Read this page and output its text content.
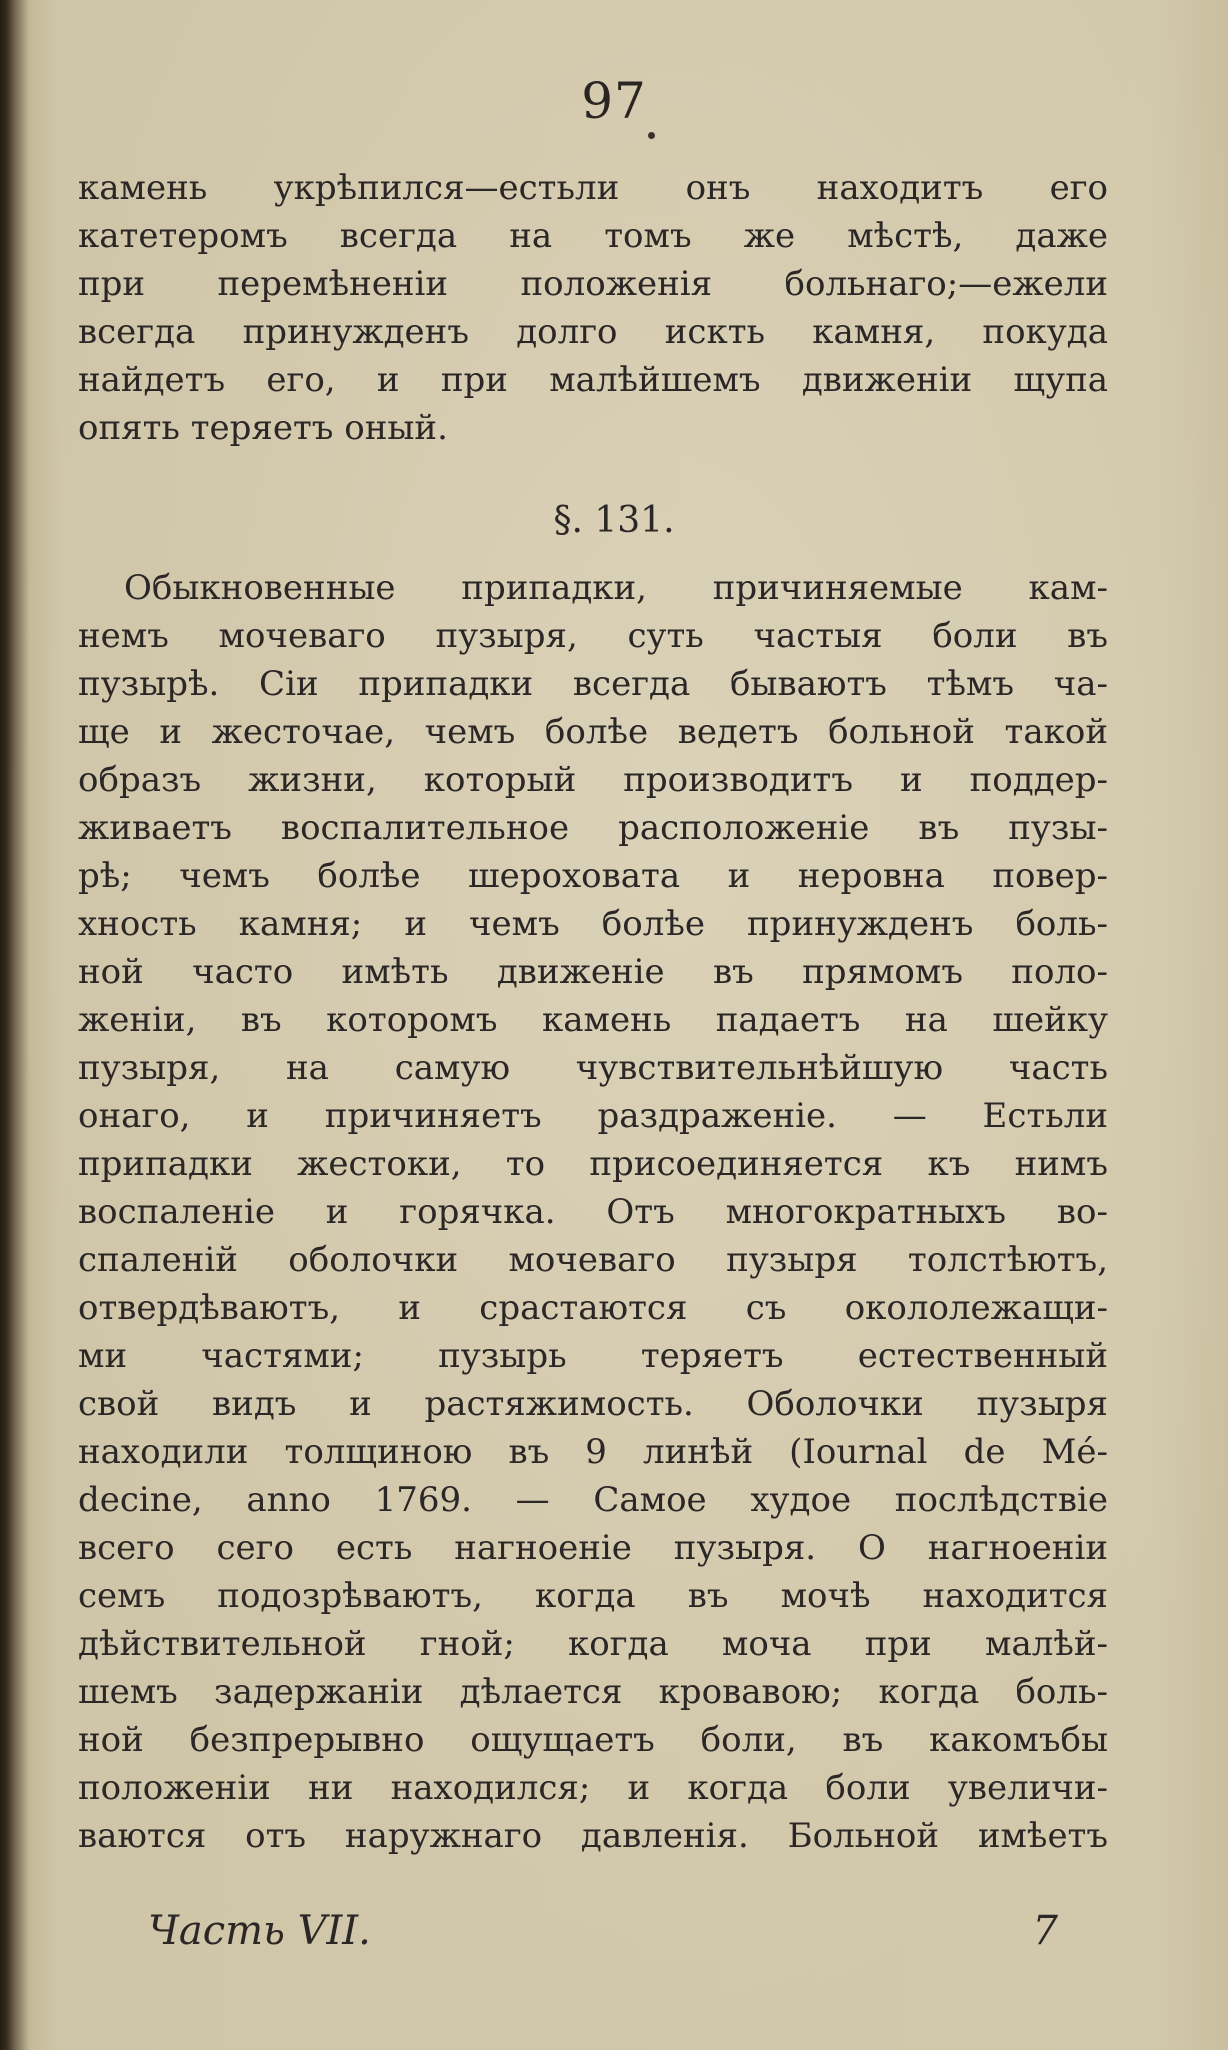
97
камень укрѣпился—естьли онъ находитъ его
катетеромъ всегда на томъ же мѣстѣ, даже
при перемѣненіи положенія больнаго;—ежели
всегда принужденъ долго искть камня, покуда
найдетъ его, и при малѣйшемъ движеніи щупа
опять теряетъ оный.
§. 131.
Обыкновенные припадки, причиняемые кам-
немъ мочеваго пузыря, суть частыя боли въ
пузырѣ. Сіи припадки всегда бываютъ тѣмъ ча-
ще и жесточае, чемъ болѣе ведетъ больной такой
образъ жизни, который производитъ и поддер-
живаетъ воспалительное расположеніе въ пузы-
рѣ; чемъ болѣе шероховата и неровна повер-
хность камня; и чемъ болѣе принужденъ боль-
ной часто имѣть движеніе въ прямомъ поло-
женіи, въ которомъ камень падаетъ на шейку
пузыря, на самую чувствительнѣйшую часть
онаго, и причиняетъ раздраженіе. — Естьли
припадки жестоки, то присоединяется къ нимъ
воспаленіе и горячка. Отъ многократныхъ во-
спаленій оболочки мочеваго пузыря толстѣютъ,
отвердѣваютъ, и срастаются съ окололежащи-
ми частями; пузырь теряетъ естественный
свой видъ и растяжимость. Оболочки пузыря
находили толщиною въ 9 линѣй (Iournal de Mé-
decine, anno 1769. — Самое худое послѣдствіе
всего сего есть нагноеніе пузыря. О нагноеніи
семъ подозрѣваютъ, когда въ мочѣ находится
дѣйствительной гной; когда моча при малѣй-
шемъ задержаніи дѣлается кровавою; когда боль-
ной безпрерывно ощущаетъ боли, въ какомъбы
положеніи ни находился; и когда боли увеличи-
ваются отъ наружнаго давленія. Больной имѣетъ
Часть VII.	7
